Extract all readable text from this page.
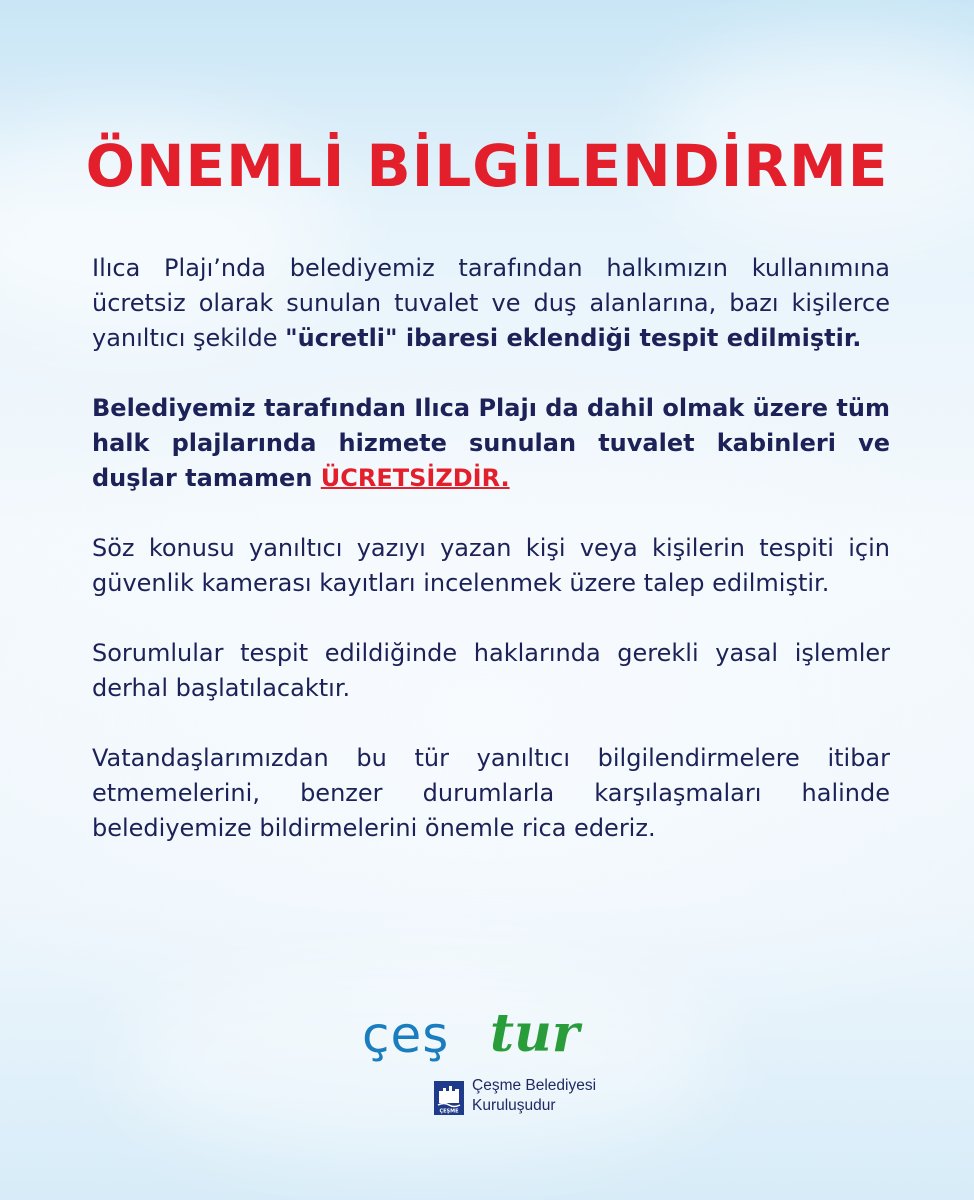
ÖNEMLİ BİLGİLENDİRME

Ilıca Plajı’nda belediyemiz tarafından halkımızın kullanımına ücretsiz olarak sunulan tuvalet ve duş alanlarına, bazı kişilerce yanıltıcı şekilde "ücretli" ibaresi eklendiği tespit edilmiştir.

Belediyemiz tarafından Ilıca Plajı da dahil olmak üzere tüm halk plajlarında hizmete sunulan tuvalet kabinleri ve duşlar tamamen ÜCRETSİZDİR.

Söz konusu yanıltıcı yazıyı yazan kişi veya kişilerin tespiti için güvenlik kamerası kayıtları incelenmek üzere talep edilmiştir.

Sorumlular tespit edildiğinde haklarında gerekli yasal işlemler derhal başlatılacaktır.

Vatandaşlarımızdan bu tür yanıltıcı bilgilendirmelere itibar etmemelerini, benzer durumlarla karşılaşmaları halinde belediyemize bildirmelerini önemle rica ederiz.

çeş tur
ÇEŞME
Çeşme Belediyesi
Kuruluşudur
